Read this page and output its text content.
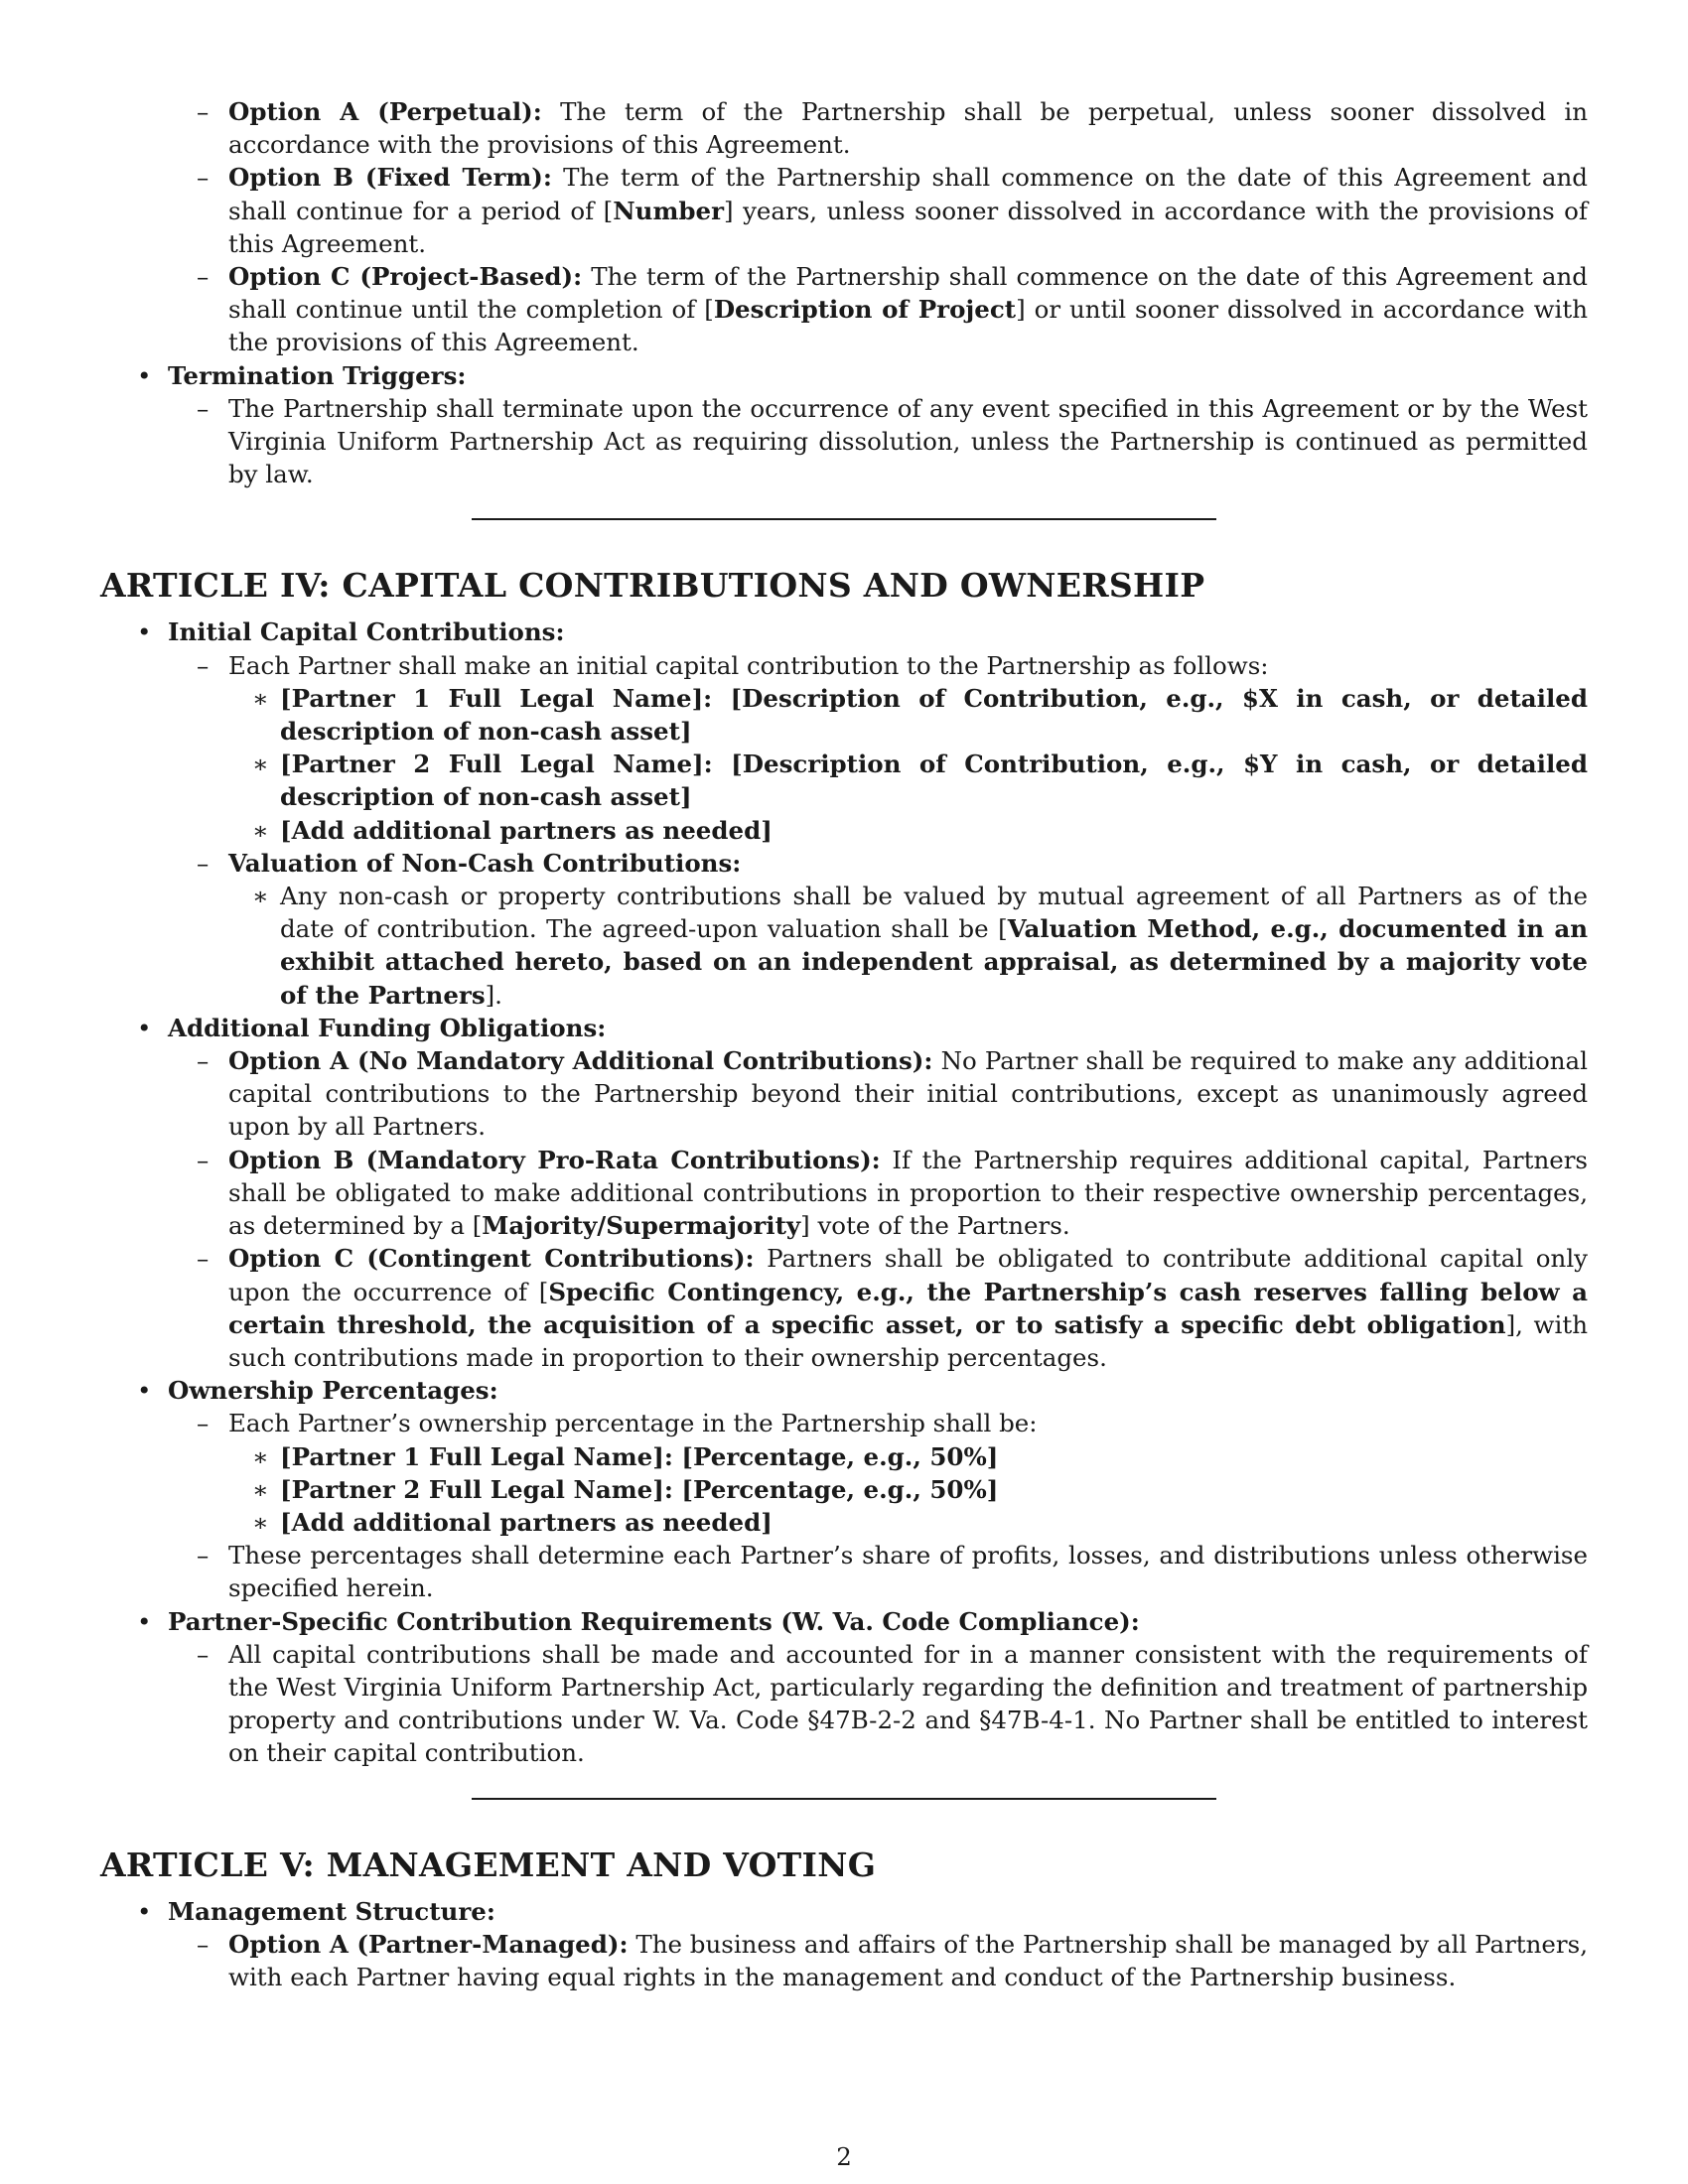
– Option A (Perpetual): The term of the Partnership shall be perpetual, unless sooner dissolved in accordance with the provisions of this Agreement.

– Option B (Fixed Term): The term of the Partnership shall commence on the date of this Agreement and shall continue for a period of [Number] years, unless sooner dissolved in accordance with the provisions of this Agreement.

– Option C (Project-Based): The term of the Partnership shall commence on the date of this Agreement and shall continue until the completion of [Description of Project] or until sooner dissolved in accordance with the provisions of this Agreement.

• Termination Triggers:

– The Partnership shall terminate upon the occurrence of any event specified in this Agreement or by the West Virginia Uniform Partnership Act as requiring dissolution, unless the Partnership is continued as permitted by law.

ARTICLE IV: CAPITAL CONTRIBUTIONS AND OWNERSHIP

• Initial Capital Contributions:

– Each Partner shall make an initial capital contribution to the Partnership as follows:

∗ [Partner 1 Full Legal Name]: [Description of Contribution, e.g., $X in cash, or detailed description of non-cash asset]

∗ [Partner 2 Full Legal Name]: [Description of Contribution, e.g., $Y in cash, or detailed description of non-cash asset]

∗ [Add additional partners as needed]

– Valuation of Non-Cash Contributions:

∗ Any non-cash or property contributions shall be valued by mutual agreement of all Partners as of the date of contribution. The agreed-upon valuation shall be [Valuation Method, e.g., documented in an exhibit attached hereto, based on an independent appraisal, as determined by a majority vote of the Partners].

• Additional Funding Obligations:

– Option A (No Mandatory Additional Contributions): No Partner shall be required to make any additional capital contributions to the Partnership beyond their initial contributions, except as unanimously agreed upon by all Partners.

– Option B (Mandatory Pro-Rata Contributions): If the Partnership requires additional capital, Partners shall be obligated to make additional contributions in proportion to their respective ownership percentages, as determined by a [Majority/Supermajority] vote of the Partners.

– Option C (Contingent Contributions): Partners shall be obligated to contribute additional capital only upon the occurrence of [Specific Contingency, e.g., the Partnership’s cash reserves falling below a certain threshold, the acquisition of a specific asset, or to satisfy a specific debt obligation], with such contributions made in proportion to their ownership percentages.

• Ownership Percentages:

– Each Partner’s ownership percentage in the Partnership shall be:

∗ [Partner 1 Full Legal Name]: [Percentage, e.g., 50%]

∗ [Partner 2 Full Legal Name]: [Percentage, e.g., 50%]

∗ [Add additional partners as needed]

– These percentages shall determine each Partner’s share of profits, losses, and distributions unless otherwise specified herein.

• Partner-Specific Contribution Requirements (W. Va. Code Compliance):

– All capital contributions shall be made and accounted for in a manner consistent with the requirements of the West Virginia Uniform Partnership Act, particularly regarding the definition and treatment of partnership property and contributions under W. Va. Code §47B-2-2 and §47B-4-1. No Partner shall be entitled to interest on their capital contribution.

ARTICLE V: MANAGEMENT AND VOTING

• Management Structure:

– Option A (Partner-Managed): The business and affairs of the Partnership shall be managed by all Partners, with each Partner having equal rights in the management and conduct of the Partnership business.

2
